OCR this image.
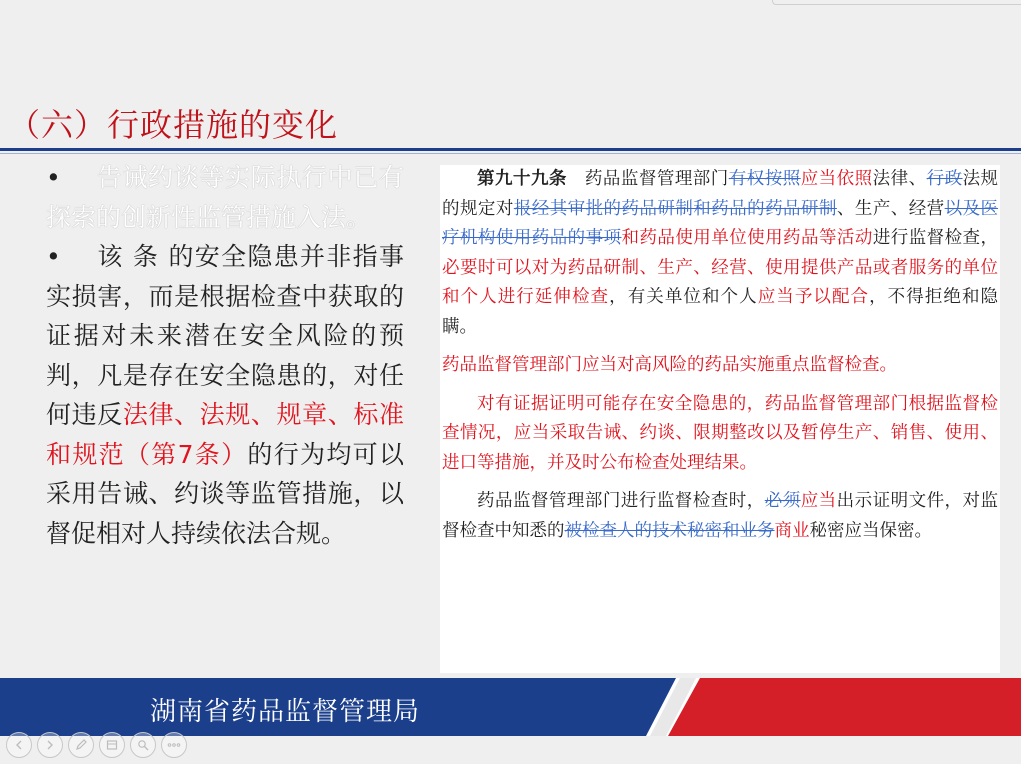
（六）行政措施的变化

• 告诫约谈等实际执行中已有探索的创新性监管措施入法。

• 该 条 的安全隐患并非指事实损害，而是根据检查中获取的证据对未来潜在安全风险的预判，凡是存在安全隐患的，对任何违反法律、法规、规章、标准和规范（第7条）的行为均可以采用告诫、约谈等监管措施，以督促相对人持续依法合规。

第九十九条　药品监督管理部门有权按照应当依照法律、行政法规的规定对报经其审批的药品研制和药品的药品研制、生产、经营以及医疗机构使用药品的事项和药品使用单位使用药品等活动进行监督检查，必要时可以对为药品研制、生产、经营、使用提供产品或者服务的单位和个人进行延伸检查，有关单位和个人应当予以配合，不得拒绝和隐瞒。

药品监督管理部门应当对高风险的药品实施重点监督检查。

对有证据证明可能存在安全隐患的，药品监督管理部门根据监督检查情况，应当采取告诫、约谈、限期整改以及暂停生产、销售、使用、进口等措施，并及时公布检查处理结果。

药品监督管理部门进行监督检查时，必须应当出示证明文件，对监督检查中知悉的被检查人的技术秘密和业务商业秘密应当保密。

湖南省药品监督管理局
